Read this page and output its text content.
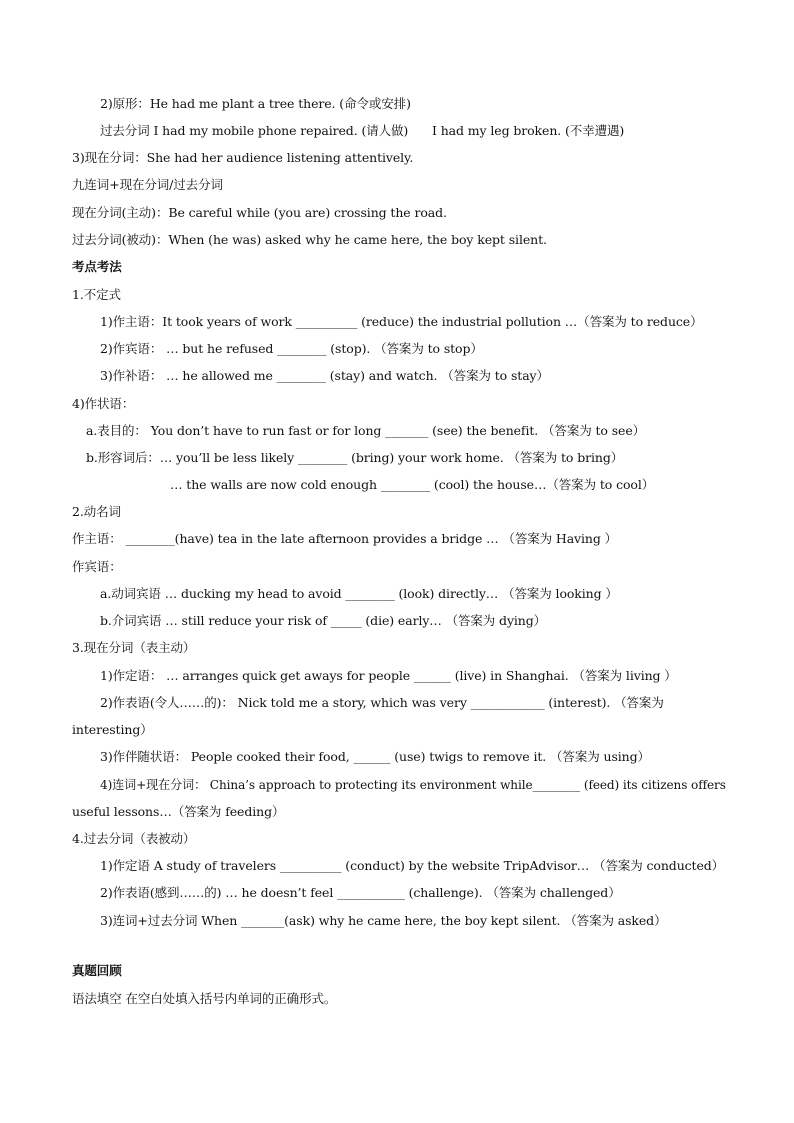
2)原形：He had me plant a tree there. (命令或安排)
过去分词 I had my mobile phone repaired. (请人做) I had my leg broken. (不幸遭遇)
3)现在分词：She had her audience listening attentively.
九连词+现在分词/过去分词
现在分词(主动)：Be careful while (you are) crossing the road.
过去分词(被动)：When (he was) asked why he came here, the boy kept silent.
考点考法
1.不定式
1)作主语：It took years of work __________ (reduce) the industrial pollution …（答案为 to reduce）
2)作宾语： … but he refused ________ (stop). （答案为 to stop）
3)作补语： … he allowed me ________ (stay) and watch. （答案为 to stay）
4)作状语：
a.表目的： You don’t have to run fast or for long _______ (see) the benefit. （答案为 to see）
b.形容词后：… you’ll be less likely ________ (bring) your work home. （答案为 to bring）
… the walls are now cold enough ________ (cool) the house…（答案为 to cool）
2.动名词
作主语： ________(have) tea in the late afternoon provides a bridge … （答案为 Having ）
作宾语：
a.动词宾语 … ducking my head to avoid ________ (look) directly… （答案为 looking ）
b.介词宾语 … still reduce your risk of _____ (die) early… （答案为 dying）
3.现在分词（表主动）
1)作定语： … arranges quick get aways for people ______ (live) in Shanghai. （答案为 living ）
2)作表语(令人……的)： Nick told me a story, which was very ____________ (interest). （答案为
interesting）
3)作伴随状语： People cooked their food, ______ (use) twigs to remove it. （答案为 using）
4)连词+现在分词： China’s approach to protecting its environment while________ (feed) its citizens offers
useful lessons…（答案为 feeding）
4.过去分词（表被动）
1)作定语 A study of travelers __________ (conduct) by the website TripAdvisor… （答案为 conducted）
2)作表语(感到……的) … he doesn’t feel ___________ (challenge). （答案为 challenged）
3)连词+过去分词 When _______(ask) why he came here, the boy kept silent. （答案为 asked）
真题回顾
语法填空 在空白处填入括号内单词的正确形式。
